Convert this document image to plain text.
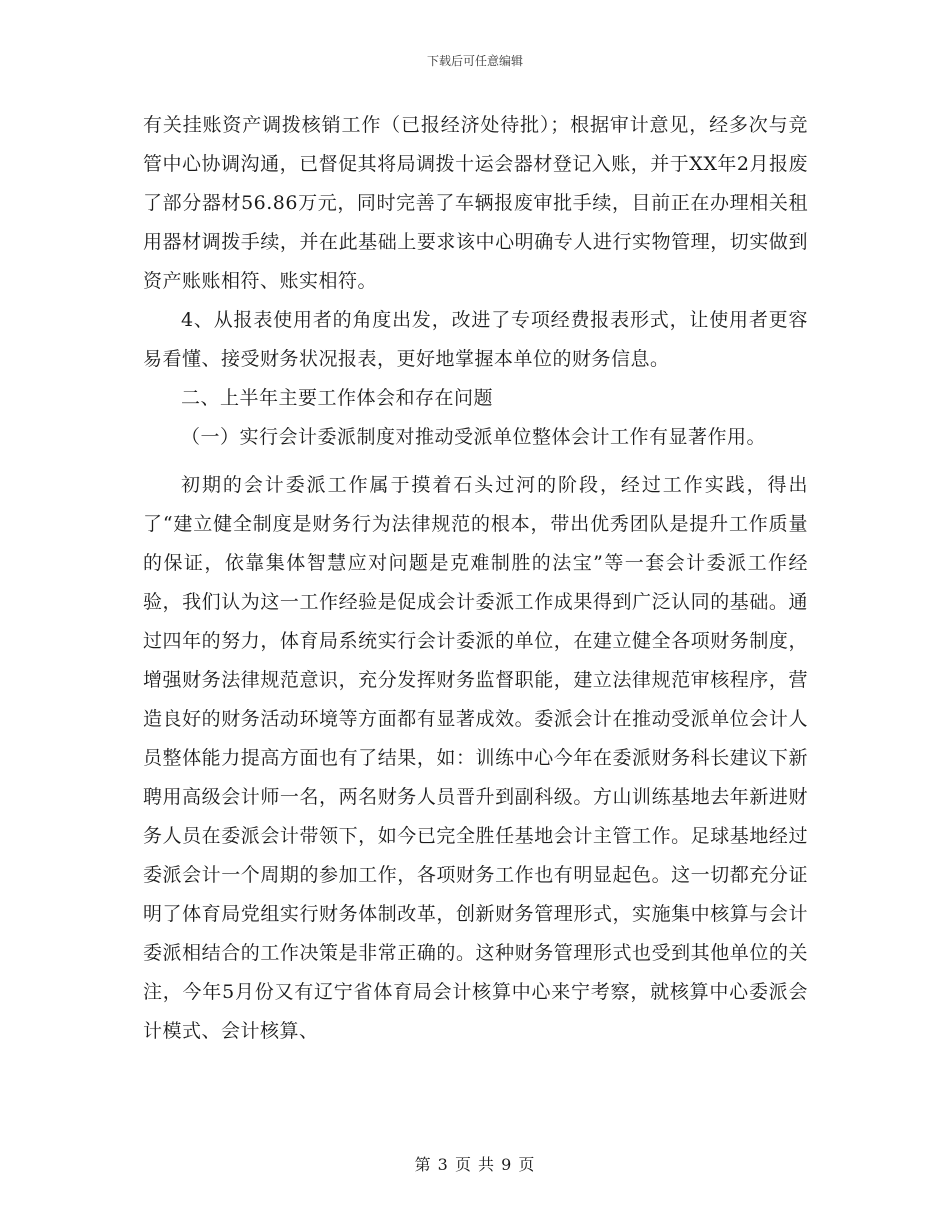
下载后可任意编辑

有关挂账资产调拨核销工作（已报经济处待批）；根据审计意见，经多次与竞管中心协调沟通，已督促其将局调拨十运会器材登记入账，并于XX年2月报废了部分器材56.86万元，同时完善了车辆报废审批手续，目前正在办理相关租用器材调拨手续，并在此基础上要求该中心明确专人进行实物管理，切实做到资产账账相符、账实相符。

4、从报表使用者的角度出发，改进了专项经费报表形式，让使用者更容易看懂、接受财务状况报表，更好地掌握本单位的财务信息。

二、上半年主要工作体会和存在问题

（一）实行会计委派制度对推动受派单位整体会计工作有显著作用。

初期的会计委派工作属于摸着石头过河的阶段，经过工作实践，得出了“建立健全制度是财务行为法律规范的根本，带出优秀团队是提升工作质量的保证，依靠集体智慧应对问题是克难制胜的法宝”等一套会计委派工作经验，我们认为这一工作经验是促成会计委派工作成果得到广泛认同的基础。通过四年的努力，体育局系统实行会计委派的单位，在建立健全各项财务制度，增强财务法律规范意识，充分发挥财务监督职能，建立法律规范审核程序，营造良好的财务活动环境等方面都有显著成效。委派会计在推动受派单位会计人员整体能力提高方面也有了结果，如：训练中心今年在委派财务科长建议下新聘用高级会计师一名，两名财务人员晋升到副科级。方山训练基地去年新进财务人员在委派会计带领下，如今已完全胜任基地会计主管工作。足球基地经过委派会计一个周期的参加工作，各项财务工作也有明显起色。这一切都充分证明了体育局党组实行财务体制改革，创新财务管理形式，实施集中核算与会计委派相结合的工作决策是非常正确的。这种财务管理形式也受到其他单位的关注，今年5月份又有辽宁省体育局会计核算中心来宁考察，就核算中心委派会计模式、会计核算、

第 3 页 共 9 页
